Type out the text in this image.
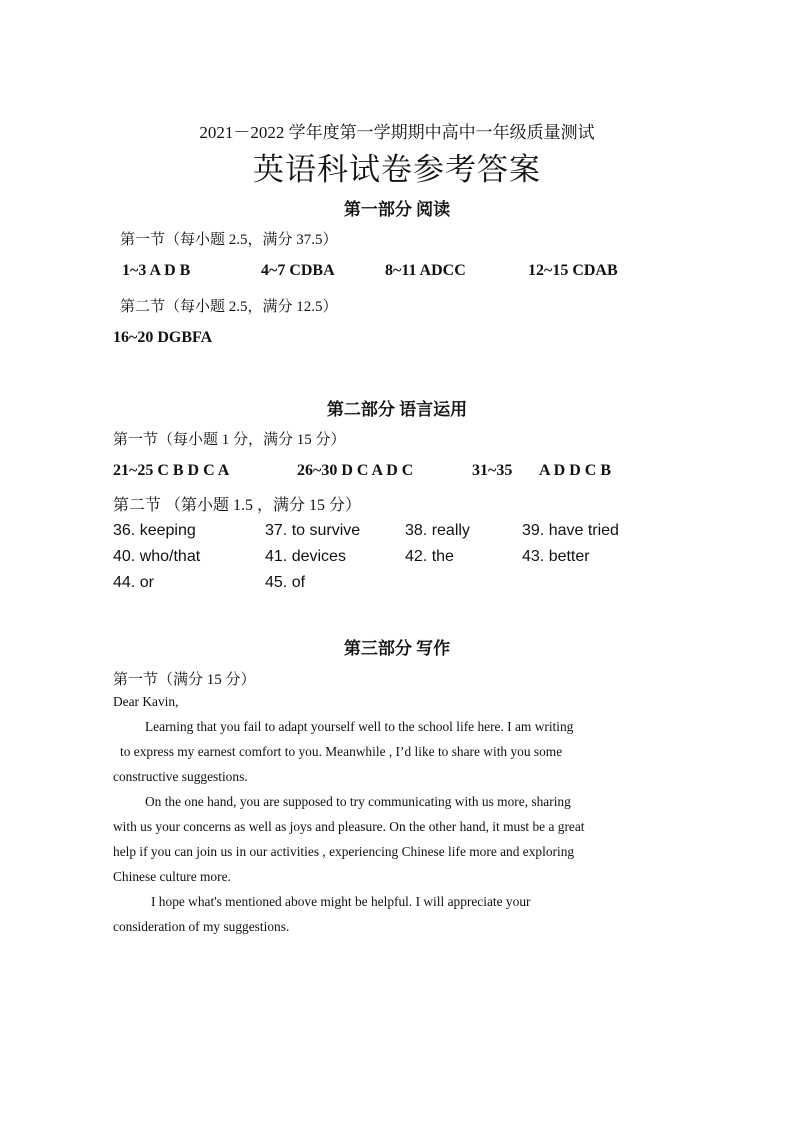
2021－2022 学年度第一学期期中高中一年级质量测试
英语科试卷参考答案
第一部分 阅读
第一节（每小题 2.5，满分 37.5）
1~3 A D B	4~7 CDBA	8~11 ADCC	12~15 CDAB
第二节（每小题 2.5，满分 12.5）
16~20 DGBFA
第二部分 语言运用
第一节（每小题 1 分，满分 15 分）
21~25 C B D C A	26~30 D C A D C	31~35 A D D C B
第二节 （第小题 1.5 ，满分 15 分）
36. keeping	37. to survive	38. really	39. have tried
40. who/that	41. devices	42. the	43. better
44. or	45. of
第三部分 写作
第一节（满分 15 分）

Dear Kavin,

Learning that you fail to adapt yourself well to the school life here. I am writing

to express my earnest comfort to you. Meanwhile , I’d like to share with you some

constructive suggestions.

On the one hand, you are supposed to try communicating with us more, sharing

with us your concerns as well as joys and pleasure. On the other hand, it must be a great

help if you can join us in our activities , experiencing Chinese life more and exploring

Chinese culture more.

I hope what's mentioned above might be helpful. I will appreciate your

consideration of my suggestions.
